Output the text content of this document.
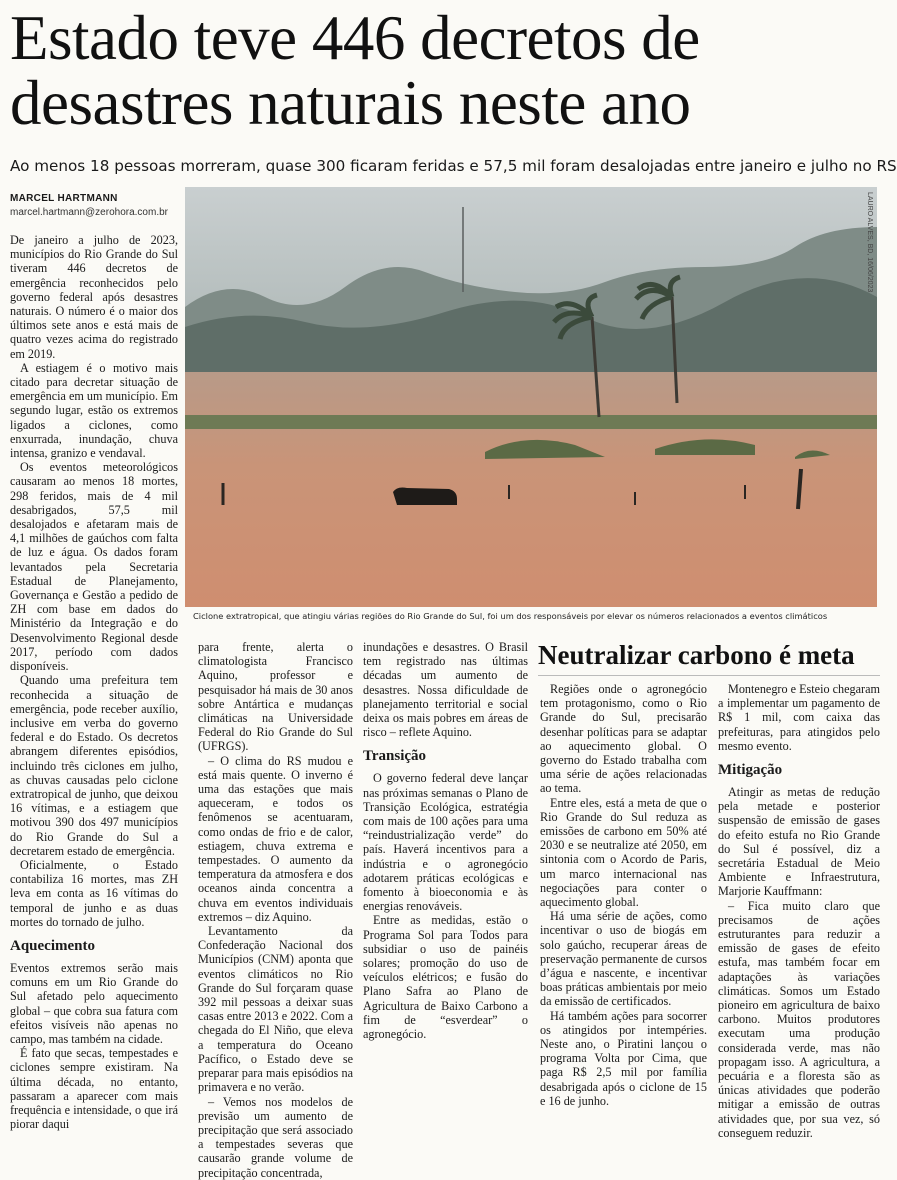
Estado teve 446 decretos de desastres naturais neste ano

Ao menos 18 pessoas morreram, quase 300 ficaram feridas e 57,5 mil foram desalojadas entre janeiro e julho no RS

MARCEL HARTMANN
marcel.hartmann@zerohora.com.br

De janeiro a julho de 2023, municípios do Rio Grande do Sul tiveram 446 decretos de emergência reconhecidos pelo governo federal após desastres naturais. O número é o maior dos últimos sete anos e está mais de quatro vezes acima do registrado em 2019.

A estiagem é o motivo mais citado para decretar situação de emergência em um município. Em segundo lugar, estão os extremos ligados a ciclones, como enxurrada, inundação, chuva intensa, granizo e vendaval.

Os eventos meteorológicos causaram ao menos 18 mortes, 298 feridos, mais de 4 mil desabrigados, 57,5 mil desalojados e afetaram mais de 4,1 milhões de gaúchos com falta de luz e água. Os dados foram levantados pela Secretaria Estadual de Planejamento, Governança e Gestão a pedido de ZH com base em dados do Ministério da Integração e do Desenvolvimento Regional desde 2017, período com dados disponíveis.

Quando uma prefeitura tem reconhecida a situação de emergência, pode receber auxílio, inclusive em verba do governo federal e do Estado. Os decretos abrangem diferentes episódios, incluindo três ciclones em julho, as chuvas causadas pelo ciclone extratropical de junho, que deixou 16 vítimas, e a estiagem que motivou 390 dos 497 municípios do Rio Grande do Sul a decretarem estado de emergência.

Oficialmente, o Estado contabiliza 16 mortes, mas ZH leva em conta as 16 vítimas do temporal de junho e as duas mortes do tornado de julho.

Aquecimento

Eventos extremos serão mais comuns em um Rio Grande do Sul afetado pelo aquecimento global – que cobra sua fatura com efeitos visíveis não apenas no campo, mas também na cidade.

É fato que secas, tempestades e ciclones sempre existiram. Na última década, no entanto, passaram a aparecer com mais frequência e intensidade, o que irá piorar daqui

LAURO ALVES, BD, 16/06/2023
Ciclone extratropical, que atingiu várias regiões do Rio Grande do Sul, foi um dos responsáveis por elevar os números relacionados a eventos climáticos

para frente, alerta o climatologista Francisco Aquino, professor e pesquisador há mais de 30 anos sobre Antártica e mudanças climáticas na Universidade Federal do Rio Grande do Sul (UFRGS).

– O clima do RS mudou e está mais quente. O inverno é uma das estações que mais aqueceram, e todos os fenômenos se acentuaram, como ondas de frio e de calor, estiagem, chuva extrema e tempestades. O aumento da temperatura da atmosfera e dos oceanos ainda concentra a chuva em eventos individuais extremos – diz Aquino.

Levantamento da Confederação Nacional dos Municípios (CNM) aponta que eventos climáticos no Rio Grande do Sul forçaram quase 392 mil pessoas a deixar suas casas entre 2013 e 2022. Com a chegada do El Niño, que eleva a temperatura do Oceano Pacífico, o Estado deve se preparar para mais episódios na primavera e no verão.

– Vemos nos modelos de previsão um aumento de precipitação que será associado a tempestades severas que causarão grande volume de precipitação concentrada,

inundações e desastres. O Brasil tem registrado nas últimas décadas um aumento de desastres. Nossa dificuldade de planejamento territorial e social deixa os mais pobres em áreas de risco – reflete Aquino.

Transição

O governo federal deve lançar nas próximas semanas o Plano de Transição Ecológica, estratégia com mais de 100 ações para uma “reindustrialização verde” do país. Haverá incentivos para a indústria e o agronegócio adotarem práticas ecológicas e fomento à bioeconomia e às energias renováveis.

Entre as medidas, estão o Programa Sol para Todos para subsidiar o uso de painéis solares; promoção do uso de veículos elétricos; e fusão do Plano Safra ao Plano de Agricultura de Baixo Carbono a fim de “esverdear” o agronegócio.

Neutralizar carbono é meta

Regiões onde o agronegócio tem protagonismo, como o Rio Grande do Sul, precisarão desenhar políticas para se adaptar ao aquecimento global. O governo do Estado trabalha com uma série de ações relacionadas ao tema.

Entre eles, está a meta de que o Rio Grande do Sul reduza as emissões de carbono em 50% até 2030 e se neutralize até 2050, em sintonia com o Acordo de Paris, um marco internacional nas negociações para conter o aquecimento global.

Há uma série de ações, como incentivar o uso de biogás em solo gaúcho, recuperar áreas de preservação permanente de cursos d’água e nascente, e incentivar boas práticas ambientais por meio da emissão de certificados.

Há também ações para socorrer os atingidos por intempéries. Neste ano, o Piratini lançou o programa Volta por Cima, que paga R$ 2,5 mil por família desabrigada após o ciclone de 15 e 16 de junho.

Montenegro e Esteio chegaram a implementar um pagamento de R$ 1 mil, com caixa das prefeituras, para atingidos pelo mesmo evento.

Mitigação

Atingir as metas de redução pela metade e posterior suspensão de emissão de gases do efeito estufa no Rio Grande do Sul é possível, diz a secretária Estadual de Meio Ambiente e Infraestrutura, Marjorie Kauffmann:

– Fica muito claro que precisamos de ações estruturantes para reduzir a emissão de gases de efeito estufa, mas também focar em adaptações às variações climáticas. Somos um Estado pioneiro em agricultura de baixo carbono. Muitos produtores executam uma produção considerada verde, mas não propagam isso. A agricultura, a pecuária e a floresta são as únicas atividades que poderão mitigar a emissão de outras atividades que, por sua vez, só conseguem reduzir.
